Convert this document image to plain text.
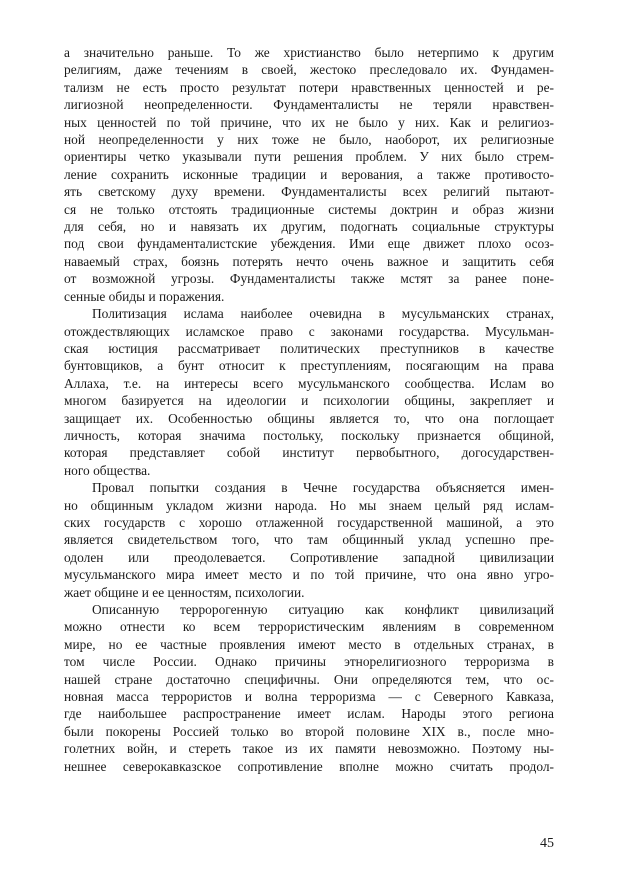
а значительно раньше. То же христианство было нетерпимо к другим
религиям, даже течениям в своей, жестоко преследовало их. Фундамен-
тализм не есть просто результат потери нравственных ценностей и ре-
лигиозной неопределенности. Фундаменталисты не теряли нравствен-
ных ценностей по той причине, что их не было у них. Как и религиоз-
ной неопределенности у них тоже не было, наоборот, их религиозные
ориентиры четко указывали пути решения проблем. У них было стрем-
ление сохранить исконные традиции и верования, а также противосто-
ять светскому духу времени. Фундаменталисты всех религий пытают-
ся не только отстоять традиционные системы доктрин и образ жизни
для себя, но и навязать их другим, подогнать социальные структуры
под свои фундаменталистские убеждения. Ими еще движет плохо осоз-
наваемый страх, боязнь потерять нечто очень важное и защитить себя
от возможной угрозы. Фундаменталисты также мстят за ранее поне-
сенные обиды и поражения.
Политизация ислама наиболее очевидна в мусульманских странах,
отождествляющих исламское право с законами государства. Мусульман-
ская юстиция рассматривает политических преступников в качестве
бунтовщиков, а бунт относит к преступлениям, посягающим на права
Аллаха, т.е. на интересы всего мусульманского сообщества. Ислам во
многом базируется на идеологии и психологии общины, закрепляет и
защищает их. Особенностью общины является то, что она поглощает
личность, которая значима постольку, поскольку признается общиной,
которая представляет собой институт первобытного, догосударствен-
ного общества.
Провал попытки создания в Чечне государства объясняется имен-
но общинным укладом жизни народа. Но мы знаем целый ряд ислам-
ских государств с хорошо отлаженной государственной машиной, а это
является свидетельством того, что там общинный уклад успешно пре-
одолен или преодолевается. Сопротивление западной цивилизации
мусульманского мира имеет место и по той причине, что она явно угро-
жает общине и ее ценностям, психологии.
Описанную терророгенную ситуацию как конфликт цивилизаций
можно отнести ко всем террористическим явлениям в современном
мире, но ее частные проявления имеют место в отдельных странах, в
том числе России. Однако причины этнорелигиозного терроризма в
нашей стране достаточно специфичны. Они определяются тем, что ос-
новная масса террористов и волна терроризма — с Северного Кавказа,
где наибольшее распространение имеет ислам. Народы этого региона
были покорены Россией только во второй половине XIX в., после мно-
голетних войн, и стереть такое из их памяти невозможно. Поэтому ны-
нешнее северокавказское сопротивление вполне можно считать продол-
45
